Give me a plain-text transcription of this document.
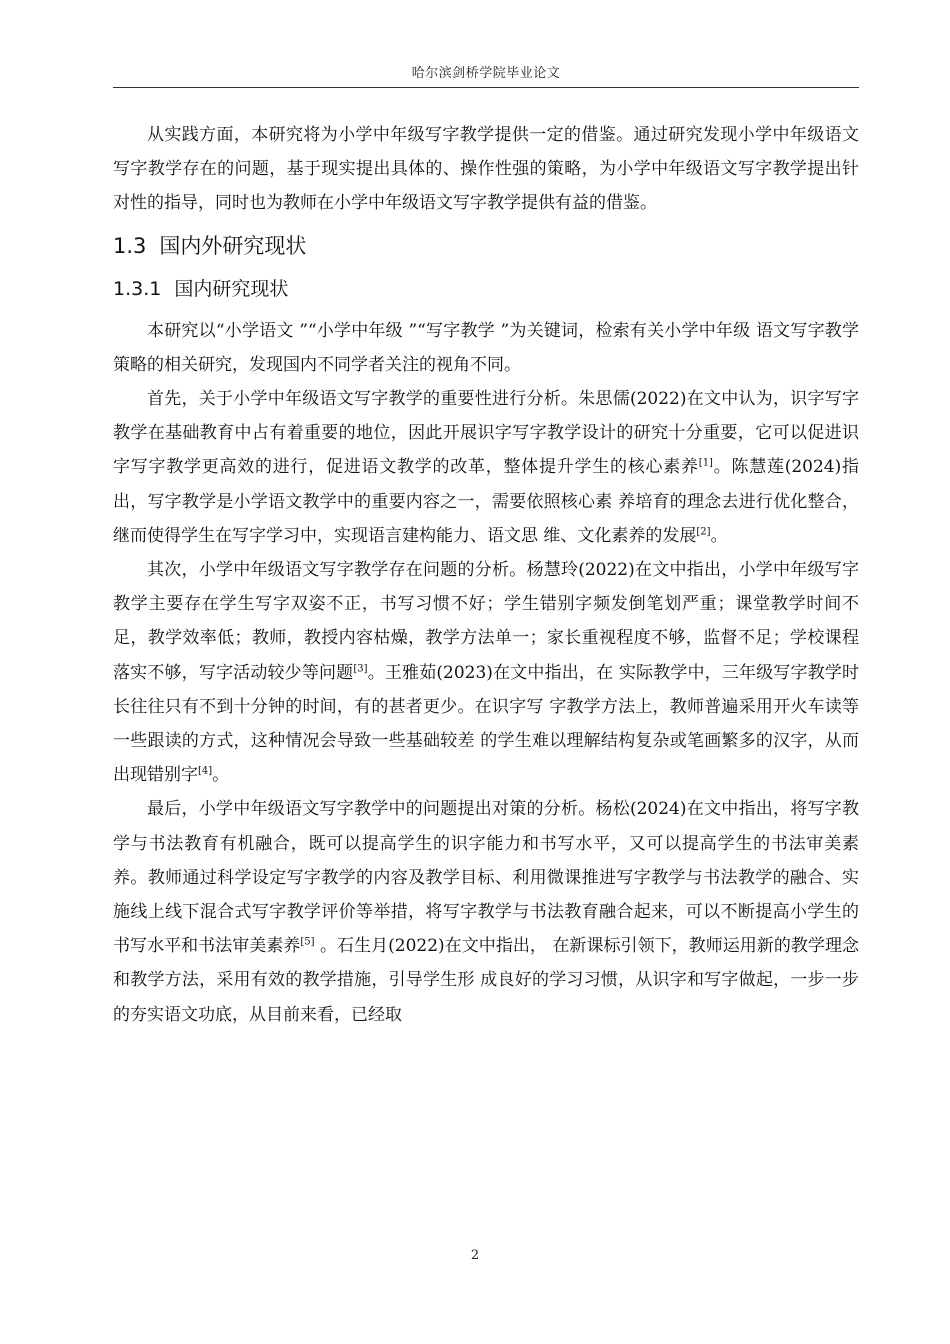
哈尔滨剑桥学院毕业论文

从实践方面，本研究将为小学中年级写字教学提供一定的借鉴。通过研究发现小学中年级语文写字教学存在的问题，基于现实提出具体的、操作性强的策略，为小学中年级语文写字教学提出针对性的指导，同时也为教师在小学中年级语文写字教学提供有益的借鉴。

1.3 国内外研究现状
1.3.1 国内研究现状

本研究以“小学语文 ”“小学中年级 ”“写字教学 ”为关键词，检索有关小学中年级 语文写字教学策略的相关研究，发现国内不同学者关注的视角不同。

首先，关于小学中年级语文写字教学的重要性进行分析。朱思儒(2022)在文中认为，识字写字教学在基础教育中占有着重要的地位，因此开展识字写字教学设计的研究十分重要，它可以促进识字写字教学更高效的进行，促进语文教学的改革，整体提升学生的核心素养[1]。陈慧莲(2024)指出，写字教学是小学语文教学中的重要内容之一，需要依照核心素 养培育的理念去进行优化整合，继而使得学生在写字学习中，实现语言建构能力、语文思 维、文化素养的发展[2]。

其次，小学中年级语文写字教学存在问题的分析。杨慧玲(2022)在文中指出，小学中年级写字教学主要存在学生写字双姿不正，书写习惯不好；学生错别字频发倒笔划严重；课堂教学时间不足，教学效率低；教师，教授内容枯燥，教学方法单一；家长重视程度不够，监督不足；学校课程落实不够，写字活动较少等问题[3]。王雅茹(2023)在文中指出，在 实际教学中，三年级写字教学时长往往只有不到十分钟的时间，有的甚者更少。在识字写 字教学方法上，教师普遍采用开火车读等一些跟读的方式，这种情况会导致一些基础较差 的学生难以理解结构复杂或笔画繁多的汉字，从而出现错别字[4]。

最后，小学中年级语文写字教学中的问题提出对策的分析。杨松(2024)在文中指出，将写字教学与书法教育有机融合，既可以提高学生的识字能力和书写水平，又可以提高学生的书法审美素养。教师通过科学设定写字教学的内容及教学目标、利用微课推进写字教学与书法教学的融合、实施线上线下混合式写字教学评价等举措，将写字教学与书法教育融合起来，可以不断提高小学生的书写水平和书法审美素养[5] 。石生月(2022)在文中指出， 在新课标引领下，教师运用新的教学理念和教学方法，采用有效的教学措施，引导学生形 成良好的学习习惯，从识字和写字做起，一步一步的夯实语文功底，从目前来看，已经取

2
